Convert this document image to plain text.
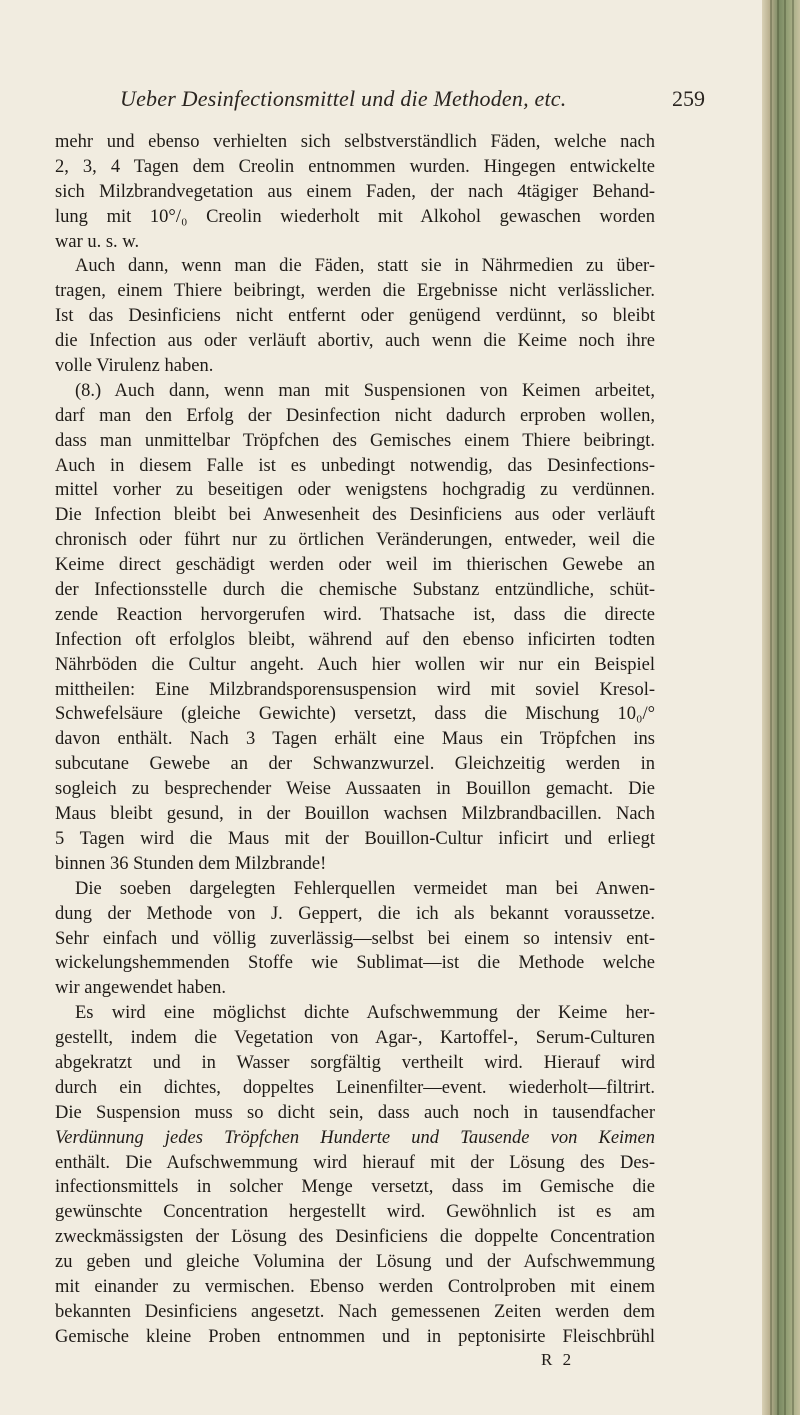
Ueber Desinfectionsmittel und die Methoden, etc.	259
mehr und ebenso verhielten sich selbstverständlich Fäden, welche nach
2, 3, 4 Tagen dem Creolin entnommen wurden. Hingegen entwickelte
sich Milzbrandvegetation aus einem Faden, der nach 4tägiger Behand-
lung mit 10°/₀ Creolin wiederholt mit Alkohol gewaschen worden
war u. s. w.
Auch dann, wenn man die Fäden, statt sie in Nährmedien zu über-
tragen, einem Thiere beibringt, werden die Ergebnisse nicht verlässlicher.
Ist das Desinficiens nicht entfernt oder genügend verdünnt, so bleibt
die Infection aus oder verläuft abortiv, auch wenn die Keime noch ihre
volle Virulenz haben.
(8.) Auch dann, wenn man mit Suspensionen von Keimen arbeitet,
darf man den Erfolg der Desinfection nicht dadurch erproben wollen,
dass man unmittelbar Tröpfchen des Gemisches einem Thiere beibringt.
Auch in diesem Falle ist es unbedingt notwendig, das Desinfections-
mittel vorher zu beseitigen oder wenigstens hochgradig zu verdünnen.
Die Infection bleibt bei Anwesenheit des Desinficiens aus oder verläuft
chronisch oder führt nur zu örtlichen Veränderungen, entweder, weil die
Keime direct geschädigt werden oder weil im thierischen Gewebe an
der Infectionsstelle durch die chemische Substanz entzündliche, schüt-
zende Reaction hervorgerufen wird. Thatsache ist, dass die directe
Infection oft erfolglos bleibt, während auf den ebenso inficirten todten
Nährböden die Cultur angeht. Auch hier wollen wir nur ein Beispiel
mittheilen: Eine Milzbrandsporensuspension wird mit soviel Kresol-
Schwefelsäure (gleiche Gewichte) versetzt, dass die Mischung 10₀/°
davon enthält. Nach 3 Tagen erhält eine Maus ein Tröpfchen ins
subcutane Gewebe an der Schwanzwurzel. Gleichzeitig werden in
sogleich zu besprechender Weise Aussaaten in Bouillon gemacht. Die
Maus bleibt gesund, in der Bouillon wachsen Milzbrandbacillen. Nach
5 Tagen wird die Maus mit der Bouillon-Cultur inficirt und erliegt
binnen 36 Stunden dem Milzbrande!
Die soeben dargelegten Fehlerquellen vermeidet man bei Anwen-
dung der Methode von J. Geppert, die ich als bekannt voraussetze.
Sehr einfach und völlig zuverlässig—selbst bei einem so intensiv ent-
wickelungshemmenden Stoffe wie Sublimat—ist die Methode welche
wir angewendet haben.
Es wird eine möglichst dichte Aufschwemmung der Keime her-
gestellt, indem die Vegetation von Agar-, Kartoffel-, Serum-Culturen
abgekratzt und in Wasser sorgfältig vertheilt wird. Hierauf wird
durch ein dichtes, doppeltes Leinenfilter—event. wiederholt—filtrirt.
Die Suspension muss so dicht sein, dass auch noch in tausendfacher
Verdünnung jedes Tröpfchen Hunderte und Tausende von Keimen
enthält. Die Aufschwemmung wird hierauf mit der Lösung des Des-
infectionsmittels in solcher Menge versetzt, dass im Gemische die
gewünschte Concentration hergestellt wird. Gewöhnlich ist es am
zweckmässigsten der Lösung des Desinficiens die doppelte Concentration
zu geben und gleiche Volumina der Lösung und der Aufschwemmung
mit einander zu vermischen. Ebenso werden Controlproben mit einem
bekannten Desinficiens angesetzt. Nach gemessenen Zeiten werden dem
Gemische kleine Proben entnommen und in peptonisirte Fleischbrühl
R 2
